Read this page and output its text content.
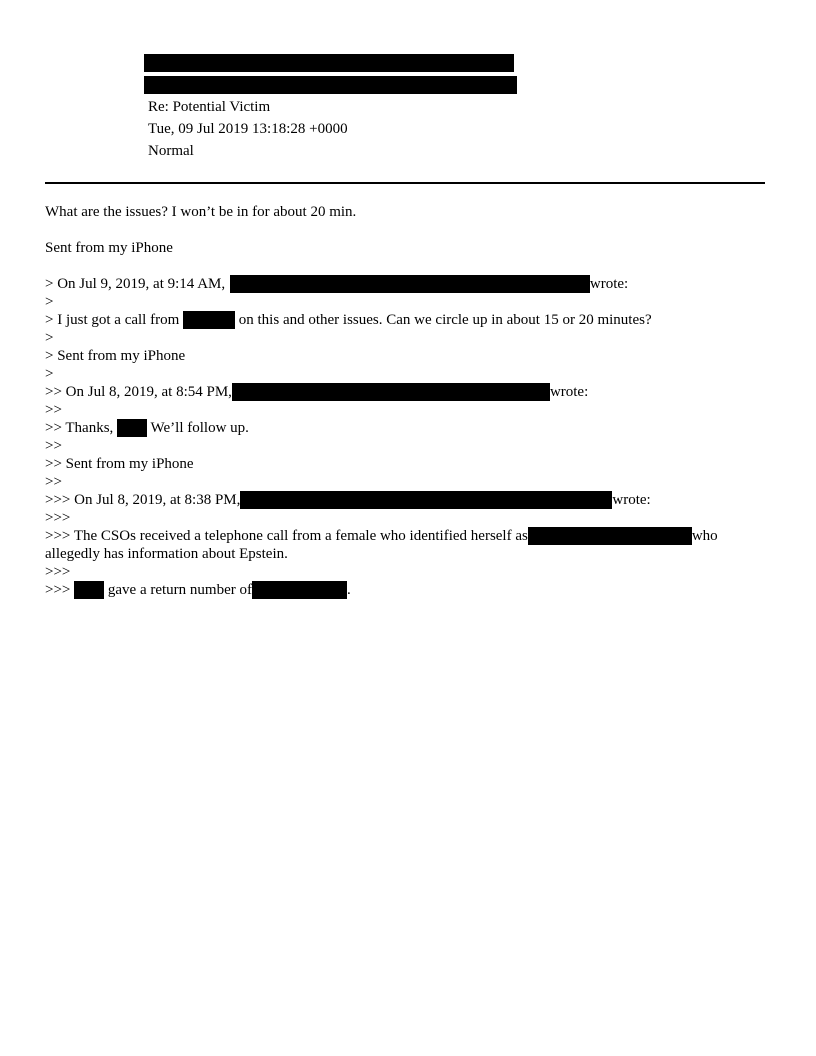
Re: Potential Victim
Tue, 09 Jul 2019 13:18:28 +0000
Normal
What are the issues? I won’t be in for about 20 min.
Sent from my iPhone
> On Jul 9, 2019, at 9:14 AM,	wrote:
>
> I just got a call from	on this and other issues. Can we circle up in about 15 or 20 minutes?
>
> Sent from my iPhone
>
>> On Jul 8, 2019, at 8:54 PM,	wrote:
>>
>> Thanks, We’ll follow up.
>>
>> Sent from my iPhone
>>
>>> On Jul 8, 2019, at 8:38 PM,	wrote:
>>>
>>> The CSOs received a telephone call from a female who identified herself as	who
allegedly has information about Epstein.
>>>
>>>	gave a return number of	.
